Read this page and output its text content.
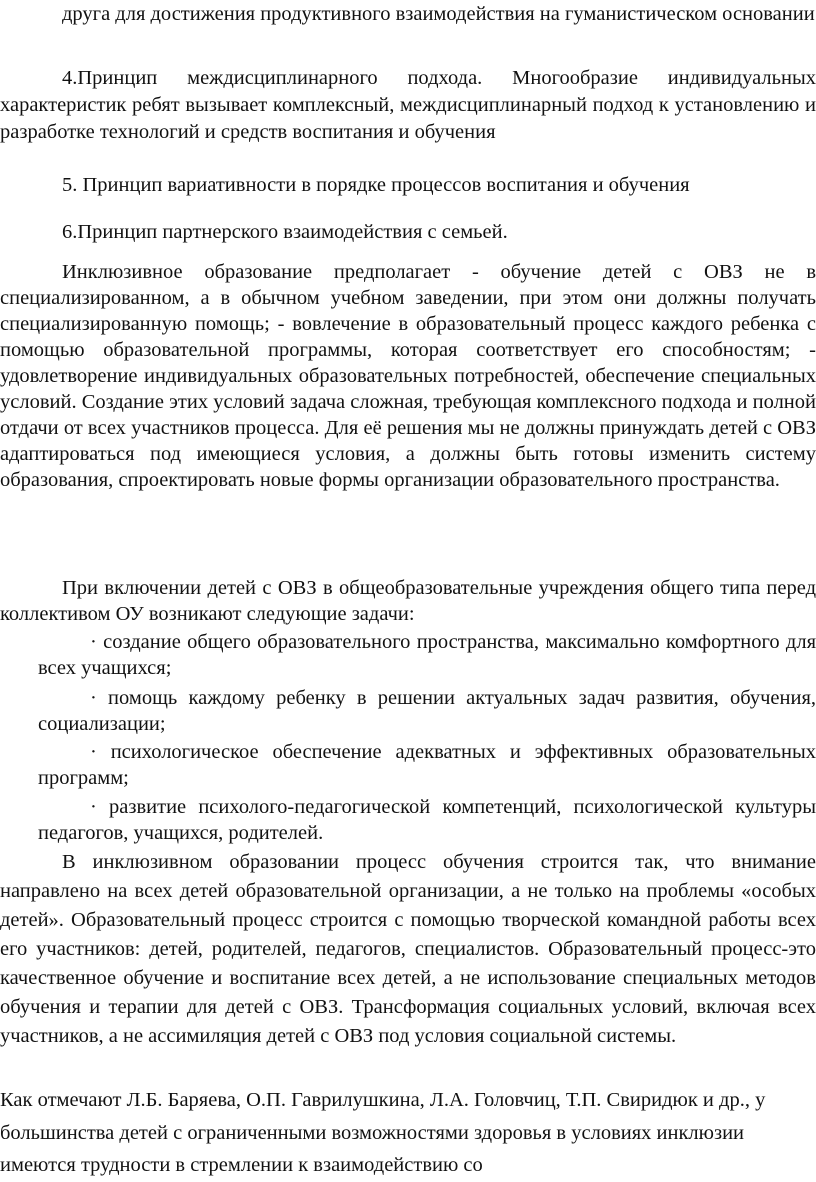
друга для достижения продуктивного взаимодействия на гуманистическом основании

4.Принцип междисциплинарного подхода. Многообразие индивидуальных характеристик ребят вызывает комплексный, междисциплинарный подход к установлению и разработке технологий и средств воспитания и обучения

5. Принцип вариативности в порядке процессов воспитания и обучения

6.Принцип партнерского взаимодействия с семьей.

Инклюзивное образование предполагает - обучение детей с ОВЗ не в специализированном, а в обычном учебном заведении, при этом они должны получать специализированную помощь; - вовлечение в образовательный процесс каждого ребенка с помощью образовательной программы, которая соответствует его способностям; - удовлетворение индивидуальных образовательных потребностей, обеспечение специальных условий. Создание этих условий задача сложная, требующая комплексного подхода и полной отдачи от всех участников процесса. Для её решения мы не должны принуждать детей с ОВЗ адаптироваться под имеющиеся условия, а должны быть готовы изменить систему образования, спроектировать новые формы организации образовательного пространства.

При включении детей с ОВЗ в общеобразовательные учреждения общего типа перед коллективом ОУ возникают следующие задачи:

· создание общего образовательного пространства, максимально комфортного для всех учащихся;

· помощь каждому ребенку в решении актуальных задач развития, обучения, социализации;

· психологическое обеспечение адекватных и эффективных образовательных программ;

· развитие психолого-педагогической компетенций, психологической культуры педагогов, учащихся, родителей.

В инклюзивном образовании процесс обучения строится так, что внимание направлено на всех детей образовательной организации, а не только на проблемы «особых детей». Образовательный процесс строится с помощью творческой командной работы всех его участников: детей, родителей, педагогов, специалистов. Образовательный процесс-это качественное обучение и воспитание всех детей, а не использование специальных методов обучения и терапии для детей с ОВЗ. Трансформация социальных условий, включая всех участников, а не ассимиляция детей с ОВЗ под условия социальной системы.

Как отмечают Л.Б. Баряева, О.П. Гаврилушкина, Л.А. Головчиц, Т.П. Свиридюк и др., у большинства детей с ограниченными возможностями здоровья в условиях инклюзии имеются трудности в стремлении к взаимодействию со
